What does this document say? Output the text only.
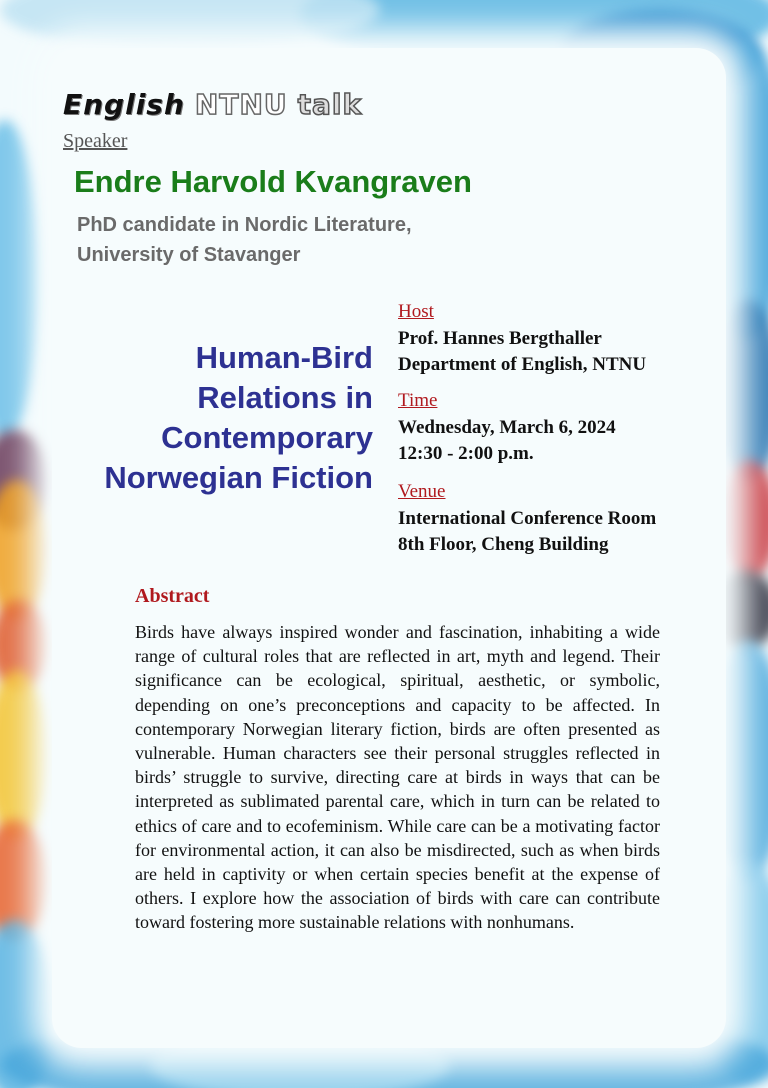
English NTNU talk
Speaker
Endre Harvold Kvangraven
PhD candidate in Nordic Literature,
University of Stavanger
Human-Bird
Relations in
Contemporary
Norwegian Fiction
Host
Prof. Hannes Bergthaller
Department of English, NTNU
Time
Wednesday, March 6, 2024
12:30 - 2:00 p.m.
Venue
International Conference Room
8th Floor, Cheng Building
Abstract
Birds have always inspired wonder and fascination, inhabiting a wide range of cultural roles that are reflected in art, myth and legend. Their significance can be ecological, spiritual, aesthetic, or symbolic, depending on one’s preconceptions and capacity to be affected. In contemporary Norwegian literary fiction, birds are often presented as vulnerable. Human characters see their personal struggles reflected in birds’ struggle to survive, directing care at birds in ways that can be interpreted as sublimated parental care, which in turn can be related to ethics of care and to ecofeminism. While care can be a motivating factor for environmental action, it can also be misdirected, such as when birds are held in captivity or when certain species benefit at the expense of others. I explore how the association of birds with care can contribute toward fostering more sustainable relations with nonhumans.
